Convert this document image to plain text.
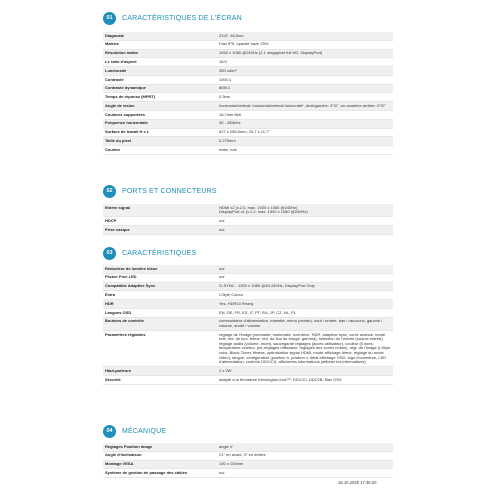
01	CARACTÉRISTIQUES DE L'ÉCRAN
Diagonale	23,8", 60,5cm
Matrice	Fast IPS, opacité haze 25%
Résolution native	1920 x 1080 @240Hz (2.1 megapixel full HD, DisplayPort)
Le ratio d'aspect	16:9
Luminosité	350 cd/m²
Contraste	1000:1
Contraste dynamique	80M:1
Temps de réponse (MPRT)	0.3ms
Angle de vision	horizontal/vertical: horizontal/vertical horizontal*, droit/gauche: 3°/0°, en avant/en arrière: 0°/0°
Couleurs supportées	16,7mln 8bit
Fréquence horizontale	30 - 285kHz
Surface de travail H x L	527 x 296.5mm, 20,7 x 11,7"
Taille du pixel	0.275mm
Couleur	mate, noir
02	PORTS ET CONNECTEURS
Entrée signal	HDMI x2 (v.2.0, max. 1920 x 1080 @240Hz)
DisplayPort x1 (v.1.2, max. 1920 x 1080 @240Hz)
HDCP	oui
Prise casque	oui
03	CARACTÉRISTIQUES
Réducteur de lumière bleue	oui
Flicker Free LED	oui
Compatible Adaptive Sync	G-SYNC - 1920 x 1080 @48-240Hz, DisplayPort Only
Extra	i-Style Colour
HDR	Yes, HDR10 Ready
Langues OSD	EN, DE, FR, ES, IT, PT, RU, JP, CZ, NL, PL
Boutons de contrôle	commutateur d'alimentation, manette, menu (center), haut / entrée, bas / raccourci, gauche / volume, droite / volume
Paramètres réglables	réglage de l'image (contraste, luminosité, overdrive, HDR, adaptive sync, contr. avancé, mode unit, réd. de lum. bleue, réd. du flou de bouge, gamma), sélection de l'entrée (source entrée), réglage audio (volume, muet), sauvegarde réglages (accès utilisateur), couleur (5 axes, température couleur, pré-réglages utilisateur, réglages des zones noires), régl. de l'image (i-Style color, Black-Tuner, fitness, optimisation signal HDMI, mode affichage direct, réglage du mode vidéo), langue, configuration (position h, position v, délai affichage OSD, logo d'ouverture, LED d'alimentation, contrôle DDC/CI), affichertes informations (afficher les informations)
Haut-parleurs	2 x 2W
Sécurité	adapté à la fermeture Kensington-lock™, DDC/CI, DDC2B, Mac OSX
04	MÉCANIQUE
Réglages Position Image	angle V
Angle d'inclinaison	21° en avant; 3° en arrière
Montage VESA	100 x 100mm
Système de gestion de passage des câbles	oui
18.10.2025 17:46:20
